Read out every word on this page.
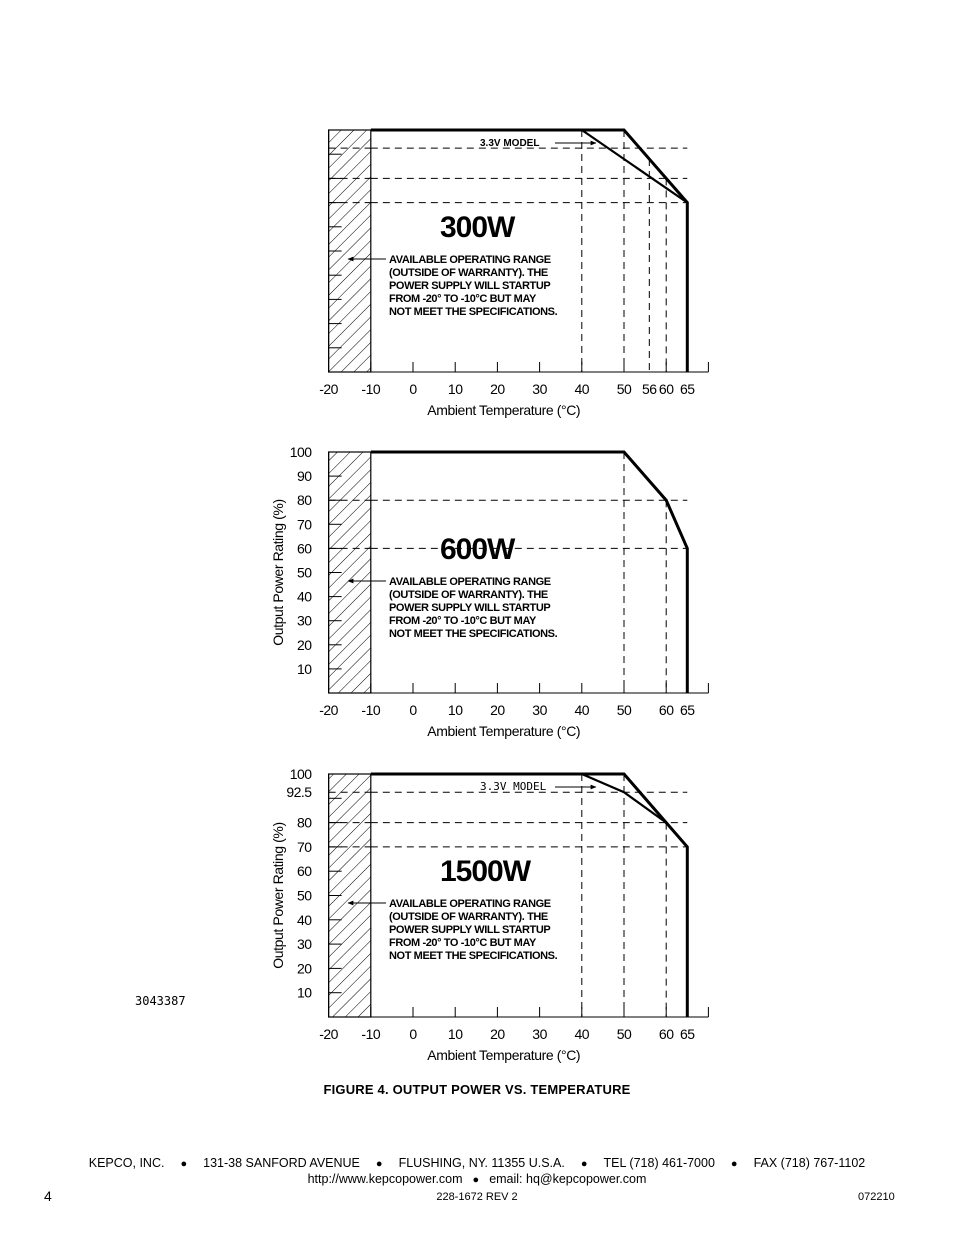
-20 -10 0 10 20 30 40 50 56 60 65
Ambient Temperature (°C)
300W
AVAILABLE OPERATING RANGE
(OUTSIDE OF WARRANTY). THE
POWER SUPPLY WILL STARTUP
FROM -20° TO -10°C BUT MAY
NOT MEET THE SPECIFICATIONS.
3.3V MODEL
-20 -10 0 10 20 30 40 50 60 65
Ambient Temperature (°C)
10
20
30
40
50
60
70
80
90
100
Output Power Rating (%)	600W
AVAILABLE OPERATING RANGE
(OUTSIDE OF WARRANTY). THE
POWER SUPPLY WILL STARTUP
FROM -20° TO -10°C BUT MAY
NOT MEET THE SPECIFICATIONS.
-20 -10 0 10 20 30 40 50 60 65
Ambient Temperature (°C)
10
20
30
40
50
60
70
80
92.5
100
Output Power Rating (%)	1500W
AVAILABLE OPERATING RANGE
(OUTSIDE OF WARRANTY). THE
POWER SUPPLY WILL STARTUP
FROM -20° TO -10°C BUT MAY
NOT MEET THE SPECIFICATIONS.
3.3V MODEL
3043387
FIGURE 4. OUTPUT POWER VS. TEMPERATURE
KEPCO, INC. ● 131-38 SANFORD AVENUE ● FLUSHING, NY. 11355 U.S.A. ● TEL (718) 461-7000 ● FAX (718) 767-1102
http://www.kepcopower.com ● email: hq@kepcopower.com
4	228-1672 REV 2	072210
